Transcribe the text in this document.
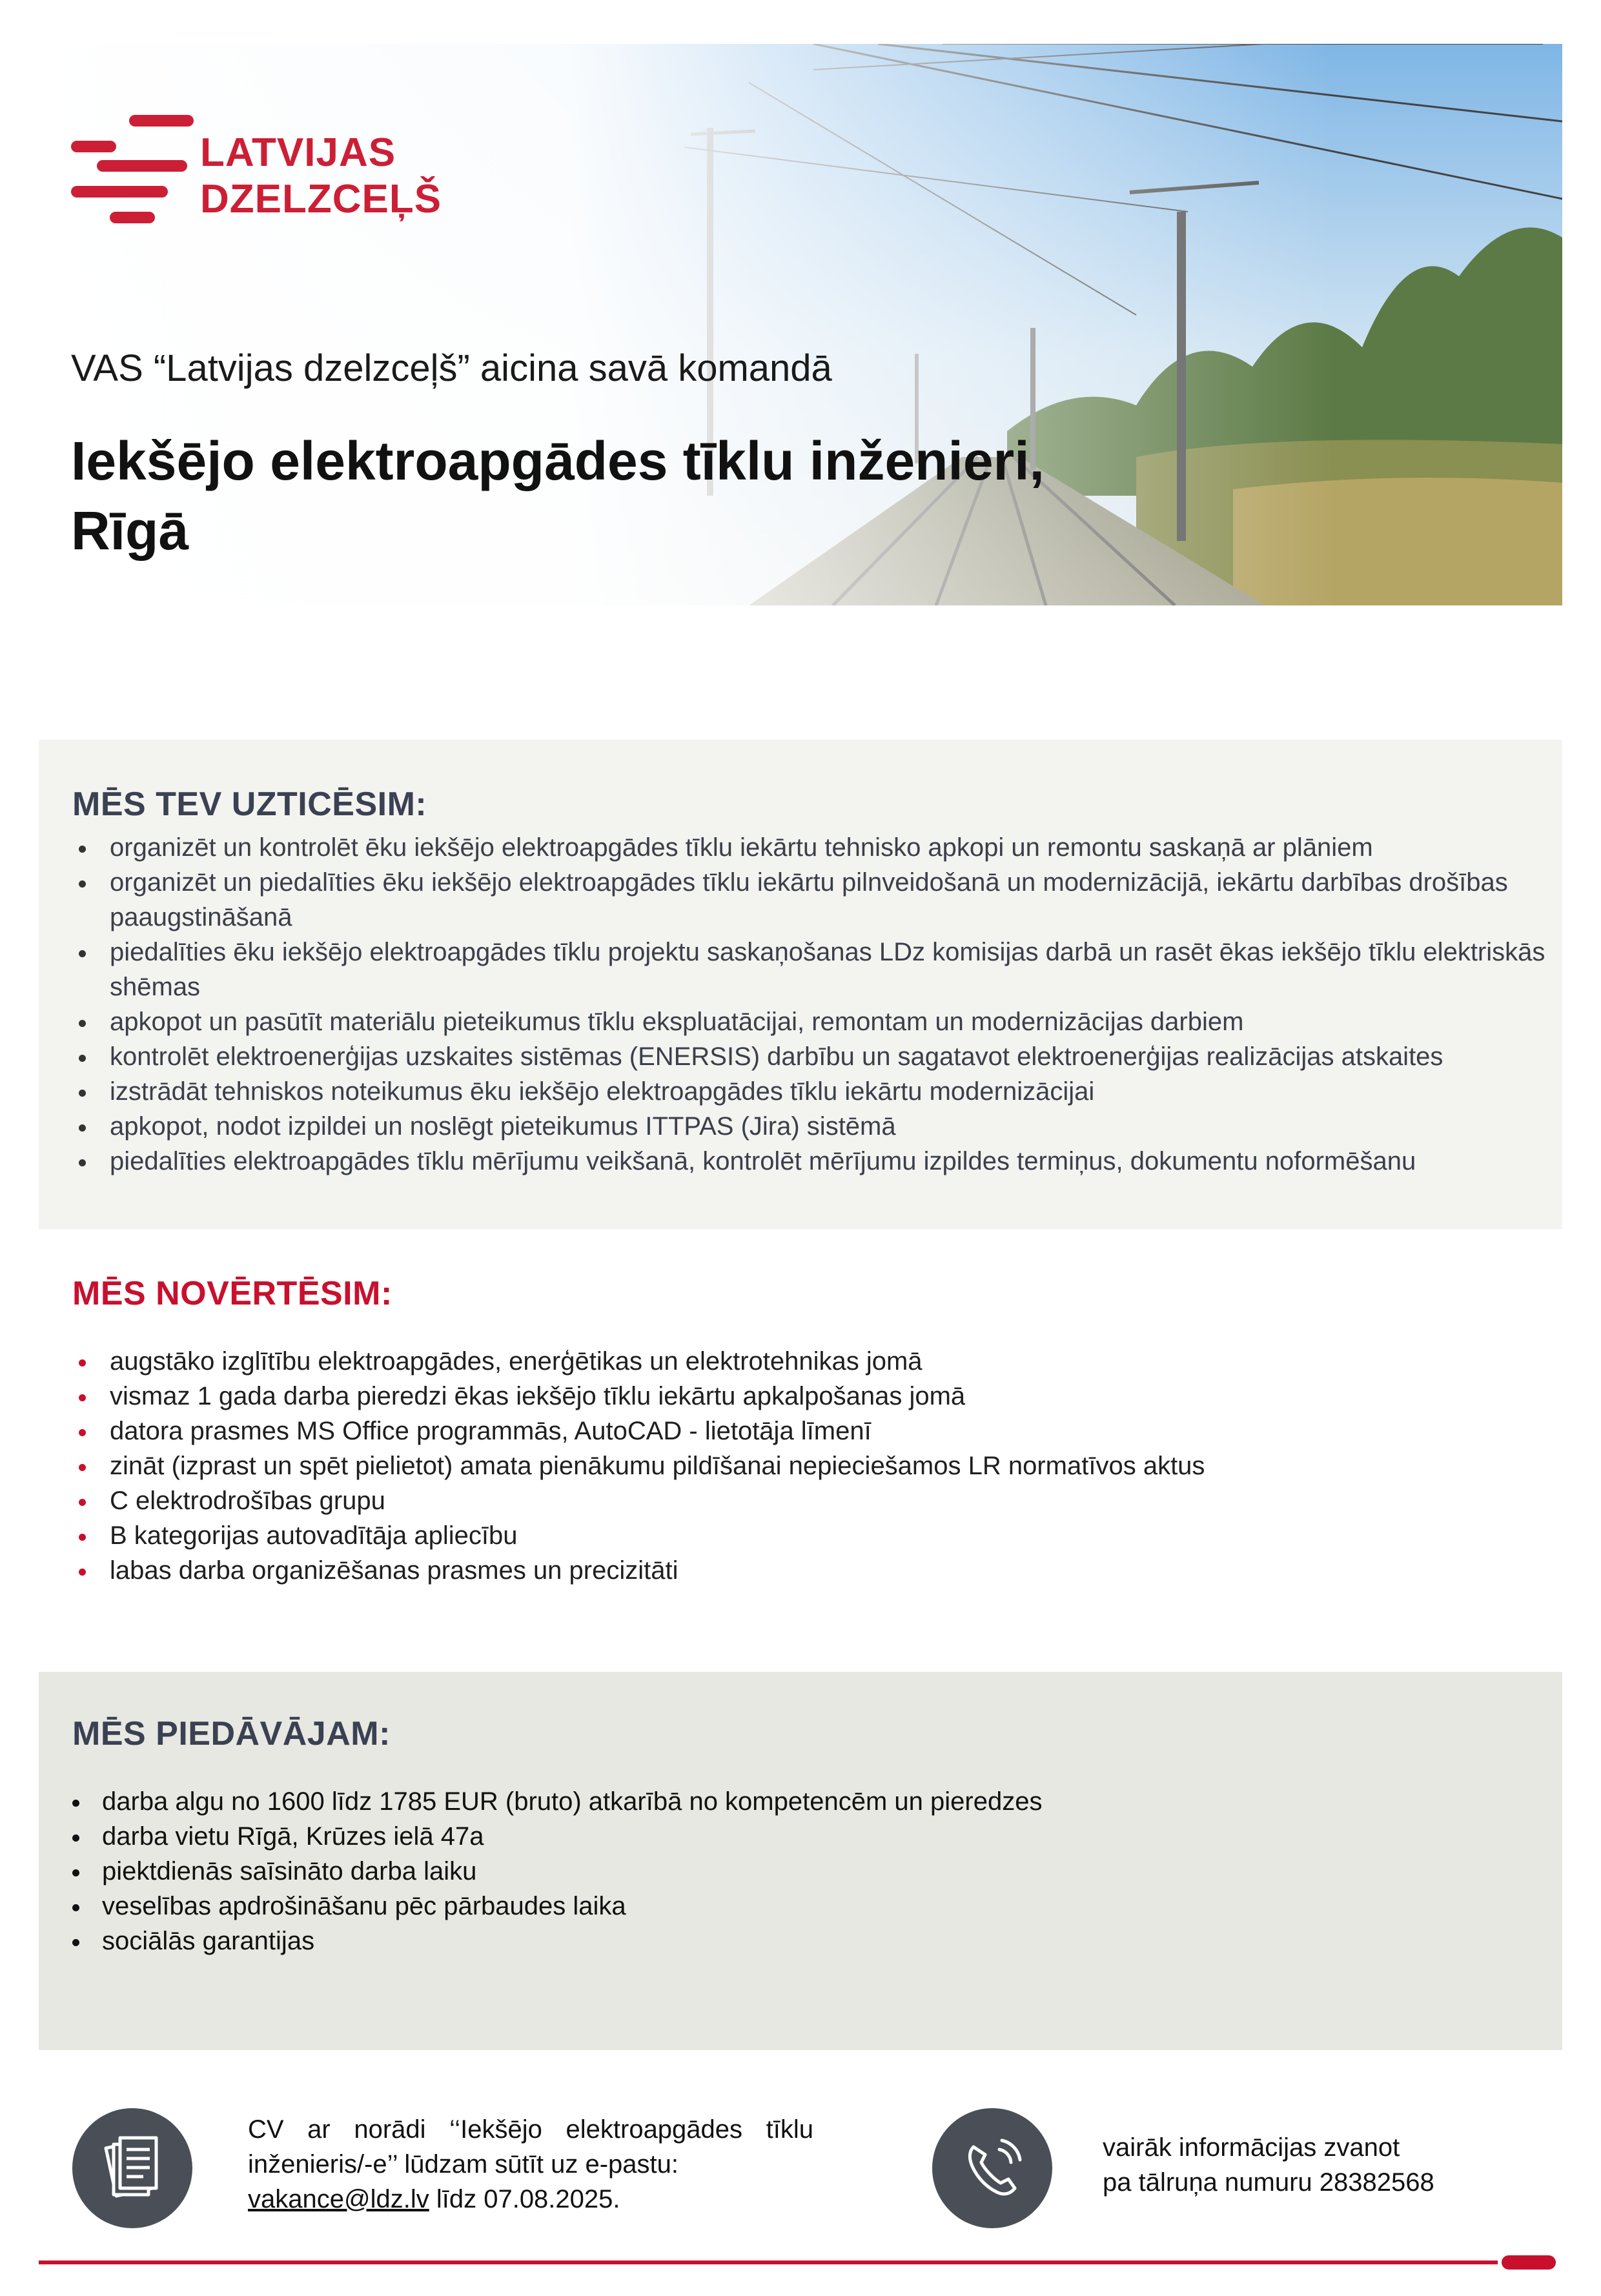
LATVIJAS
DZELZCEĻŠ
VAS “Latvijas dzelzceļš” aicina savā komandā
Iekšējo elektroapgādes tīklu inženieri,
Rīgā
MĒS TEV UZTICĒSIM:
organizēt un kontrolēt ēku iekšējo elektroapgādes tīklu iekārtu tehnisko apkopi un remontu saskaņā ar plāniem
organizēt un piedalīties ēku iekšējo elektroapgādes tīklu iekārtu pilnveidošanā un modernizācijā, iekārtu darbības drošības paaugstināšanā
piedalīties ēku iekšējo elektroapgādes tīklu projektu saskaņošanas LDz komisijas darbā un rasēt ēkas iekšējo tīklu elektriskās shēmas
apkopot un pasūtīt materiālu pieteikumus tīklu ekspluatācijai, remontam un modernizācijas darbiem
kontrolēt elektroenerģijas uzskaites sistēmas (ENERSIS) darbību un sagatavot elektroenerģijas realizācijas atskaites
izstrādāt tehniskos noteikumus ēku iekšējo elektroapgādes tīklu iekārtu modernizācijai
apkopot, nodot izpildei un noslēgt pieteikumus ITTPAS (Jira) sistēmā
piedalīties elektroapgādes tīklu mērījumu veikšanā, kontrolēt mērījumu izpildes termiņus, dokumentu noformēšanu
MĒS NOVĒRTĒSIM:
augstāko izglītību elektroapgādes, enerģētikas un elektrotehnikas jomā
vismaz 1 gada darba pieredzi ēkas iekšējo tīklu iekārtu apkalpošanas jomā
datora prasmes MS Office programmās, AutoCAD - lietotāja līmenī
zināt (izprast un spēt pielietot) amata pienākumu pildīšanai nepieciešamos LR normatīvos aktus
C elektrodrošības grupu
B kategorijas autovadītāja apliecību
labas darba organizēšanas prasmes un precizitāti
MĒS PIEDĀVĀJAM:
darba algu no 1600 līdz 1785 EUR (bruto) atkarībā no kompetencēm un pieredzes
darba vietu Rīgā, Krūzes ielā 47a
piektdienās saīsināto darba laiku
veselības apdrošināšanu pēc pārbaudes laika
sociālās garantijas
CV ar norādi ‘‘Iekšējo elektroapgādes tīklu inženieris/-e’’ lūdzam sūtīt uz e-pastu:
vakance@ldz.lv līdz 07.08.2025.
vairāk informācijas zvanot
pa tālruņa numuru 28382568
